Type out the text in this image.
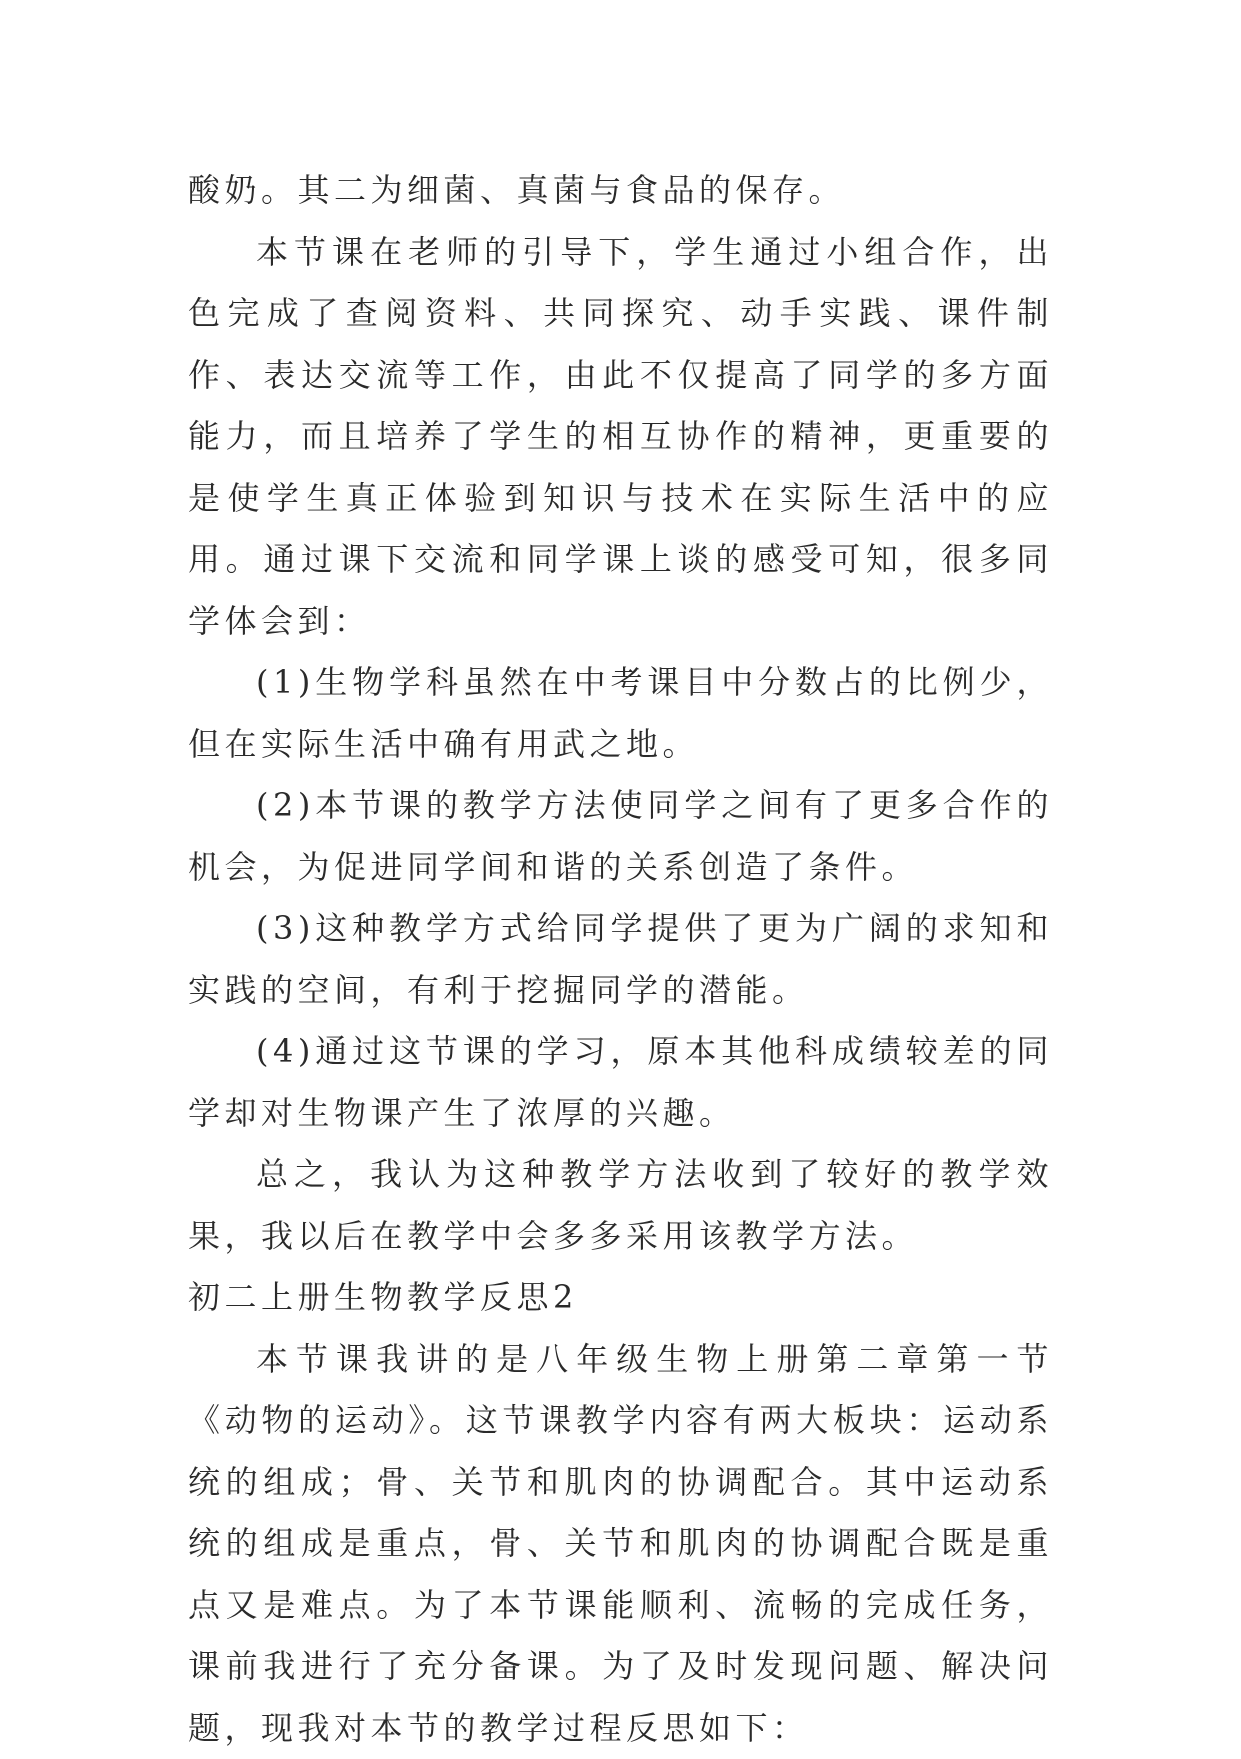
酸奶。其二为细菌、真菌与食品的保存。

本节课在老师的引导下，学生通过小组合作，出色完成了查阅资料、共同探究、动手实践、课件制作、表达交流等工作，由此不仅提高了同学的多方面能力，而且培养了学生的相互协作的精神，更重要的是使学生真正体验到知识与技术在实际生活中的应用。通过课下交流和同学课上谈的感受可知，很多同学体会到：

(1)生物学科虽然在中考课目中分数占的比例少，但在实际生活中确有用武之地。

(2)本节课的教学方法使同学之间有了更多合作的机会，为促进同学间和谐的关系创造了条件。

(3)这种教学方式给同学提供了更为广阔的求知和实践的空间，有利于挖掘同学的潜能。

(4)通过这节课的学习，原本其他科成绩较差的同学却对生物课产生了浓厚的兴趣。

总之，我认为这种教学方法收到了较好的教学效果，我以后在教学中会多多采用该教学方法。

初二上册生物教学反思2

本节课我讲的是八年级生物上册第二章第一节《动物的运动》。这节课教学内容有两大板块：运动系统的组成；骨、关节和肌肉的协调配合。其中运动系统的组成是重点，骨、关节和肌肉的协调配合既是重点又是难点。为了本节课能顺利、流畅的完成任务，课前我进行了充分备课。为了及时发现问题、解决问题，现我对本节的教学过程反思如下：
